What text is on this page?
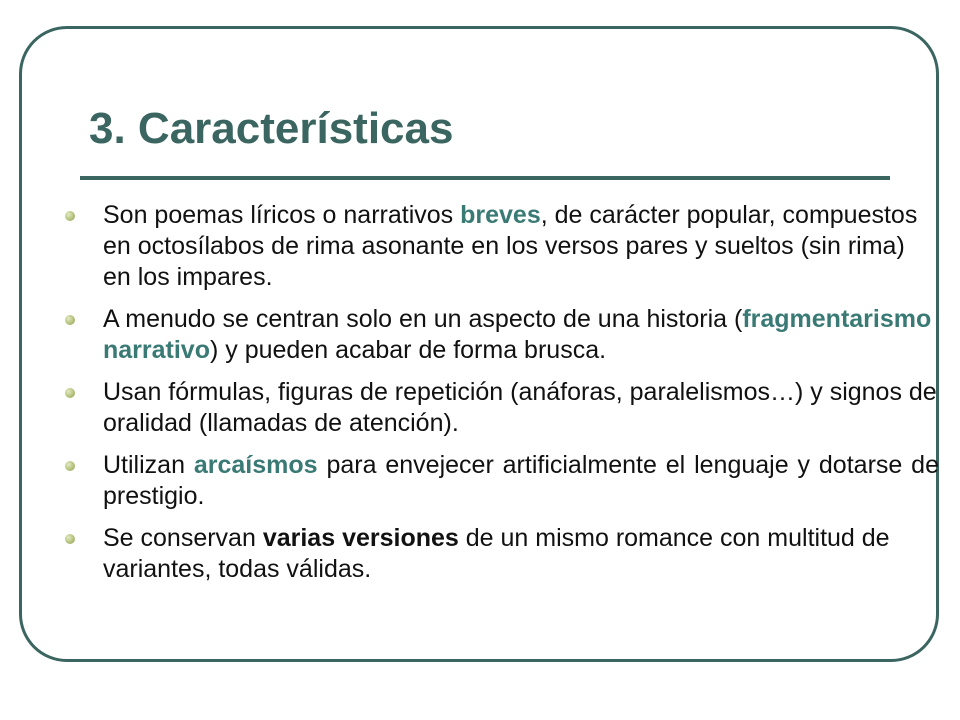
3. Características
Son poemas líricos o narrativos breves, de carácter popular, compuestos en octosílabos de rima asonante en los versos pares y sueltos (sin rima) en los impares.
A menudo se centran solo en un aspecto de una historia (fragmentarismo narrativo) y pueden acabar de forma brusca.
Usan fórmulas, figuras de repetición (anáforas, paralelismos…) y signos de oralidad (llamadas de atención).
Utilizan arcaísmos para envejecer artificialmente el lenguaje y dotarse de prestigio.
Se conservan varias versiones de un mismo romance con multitud de variantes, todas válidas.
